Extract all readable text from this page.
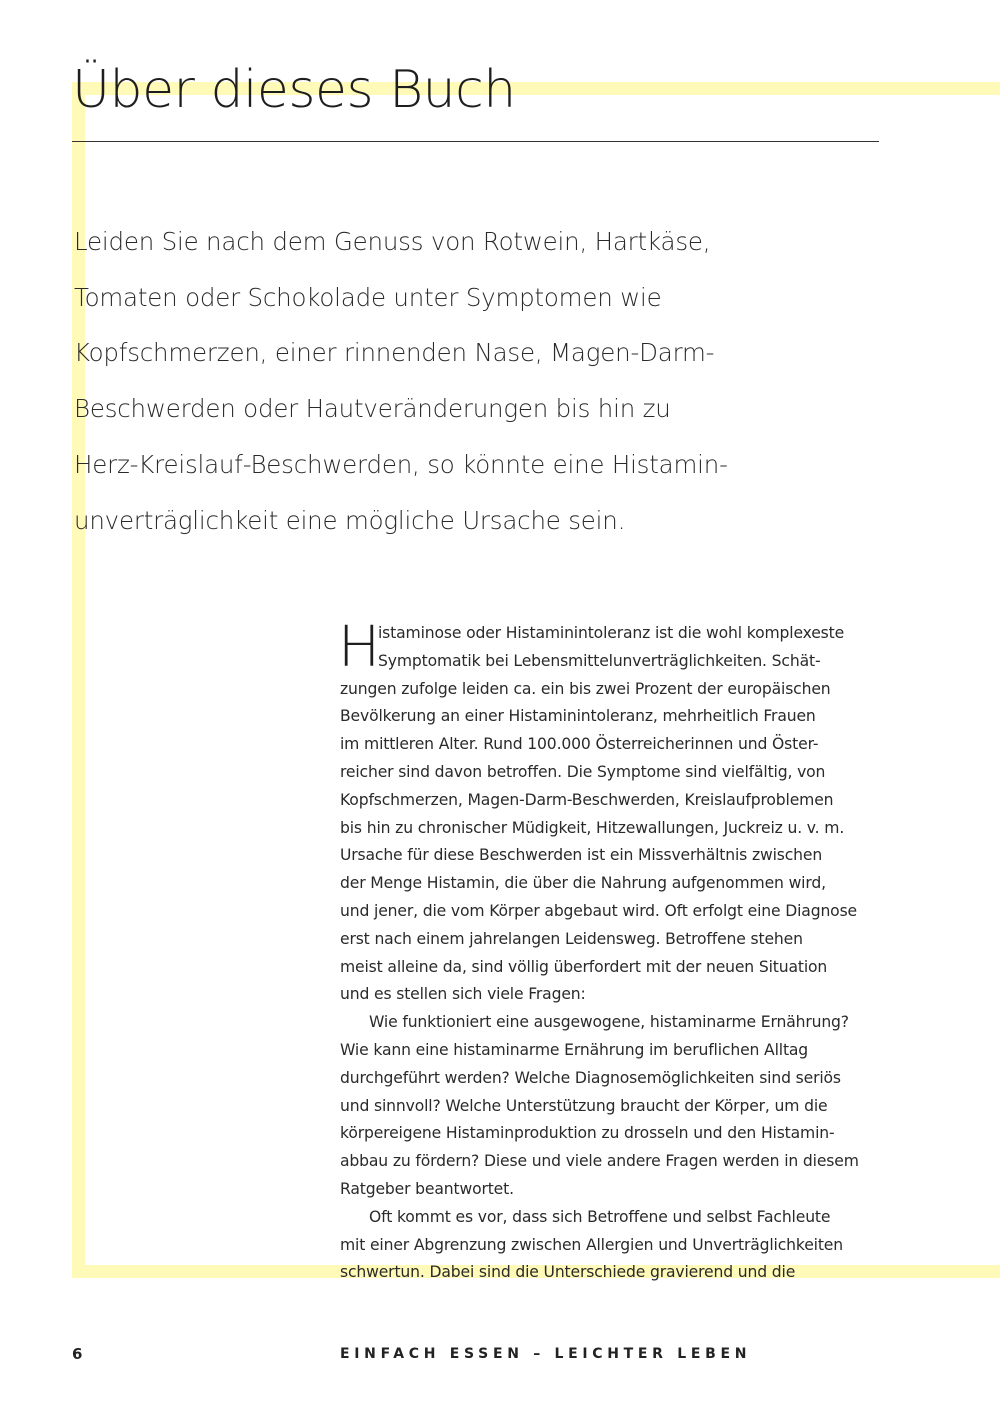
Über dieses Buch
Leiden Sie nach dem Genuss von Rotwein, Hartkäse,
Tomaten oder Schokolade unter Symptomen wie
Kopfschmerzen, einer rinnenden Nase, Magen-Darm-
Beschwerden oder Hautveränderungen bis hin zu
Herz-Kreislauf-Beschwerden, so könnte eine Histamin-
unverträglichkeit eine mögliche Ursache sein.
H
istaminose oder Histaminintoleranz ist die wohl komplexeste
Symptomatik bei Lebensmittelunverträglichkeiten. Schät-
zungen zufolge leiden ca. ein bis zwei Prozent der europäischen
Bevölkerung an einer Histaminintoleranz, mehrheitlich Frauen
im mittleren Alter. Rund 100.000 Österreicherinnen und Öster-
reicher sind davon betroffen. Die Symptome sind vielfältig, von
Kopfschmerzen, Magen-Darm-Beschwerden, Kreislaufproblemen
bis hin zu chronischer Müdigkeit, Hitzewallungen, Juckreiz u. v. m.
Ursache für diese Beschwerden ist ein Missverhältnis zwischen
der Menge Histamin, die über die Nahrung aufgenommen wird,
und jener, die vom Körper abgebaut wird. Oft erfolgt eine Diagnose
erst nach einem jahrelangen Leidensweg. Betroffene stehen
meist alleine da, sind völlig überfordert mit der neuen Situation
und es stellen sich viele Fragen:
Wie funktioniert eine ausgewogene, histaminarme Ernährung?
Wie kann eine histaminarme Ernährung im beruflichen Alltag
durchgeführt werden? Welche Diagnosemöglichkeiten sind seriös
und sinnvoll? Welche Unterstützung braucht der Körper, um die
körpereigene Histaminproduktion zu drosseln und den Histamin-
abbau zu fördern? Diese und viele andere Fragen werden in diesem
Ratgeber beantwortet.
Oft kommt es vor, dass sich Betroffene und selbst Fachleute
mit einer Abgrenzung zwischen Allergien und Unverträglichkeiten
schwertun. Dabei sind die Unterschiede gravierend und die
6	EINFACH ESSEN – LEICHTER LEBEN
